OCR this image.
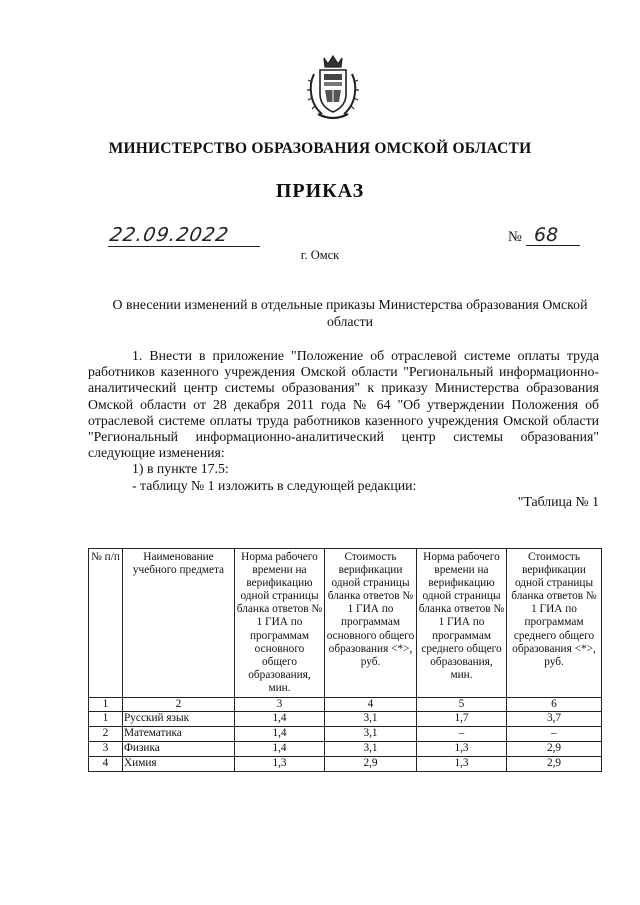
МИНИСТЕРСТВО ОБРАЗОВАНИЯ ОМСКОЙ ОБЛАСТИ
ПРИКАЗ
22.09.2022	№ 68
г. Омск
О внесении изменений в отдельные приказы Министерства образования Омской области

1. Внести в приложение "Положение об отраслевой системе оплаты труда работников казенного учреждения Омской области "Региональный информационно-аналитический центр системы образования" к приказу Министерства образования Омской области от 28 декабря 2011 года № 64 "Об утверждении Положения об отраслевой системе оплаты труда работников казенного учреждения Омской области "Региональный информационно-аналитический центр системы образования" следующие изменения:

1) в пункте 17.5:

- таблицу № 1 изложить в следующей редакции:

"Таблица № 1

№ п/п	Наименование учебного предмета	Норма рабочего времени на верификацию одной страницы бланка ответов № 1 ГИА по программам основного общего образования, мин.	Стоимость верификации одной страницы бланка ответов № 1 ГИА по программам основного общего образования <*>, руб.	Норма рабочего времени на верификацию одной страницы бланка ответов № 1 ГИА по программам среднего общего образования, мин.	Стоимость верификации одной страницы бланка ответов № 1 ГИА по программам среднего общего образования <*>, руб.
1	2	3	4	5	6
1	Русский язык	1,4	3,1	1,7	3,7
2	Математика	1,4	3,1	–	–
3	Физика	1,4	3,1	1,3	2,9
4	Химия	1,3	2,9	1,3	2,9
